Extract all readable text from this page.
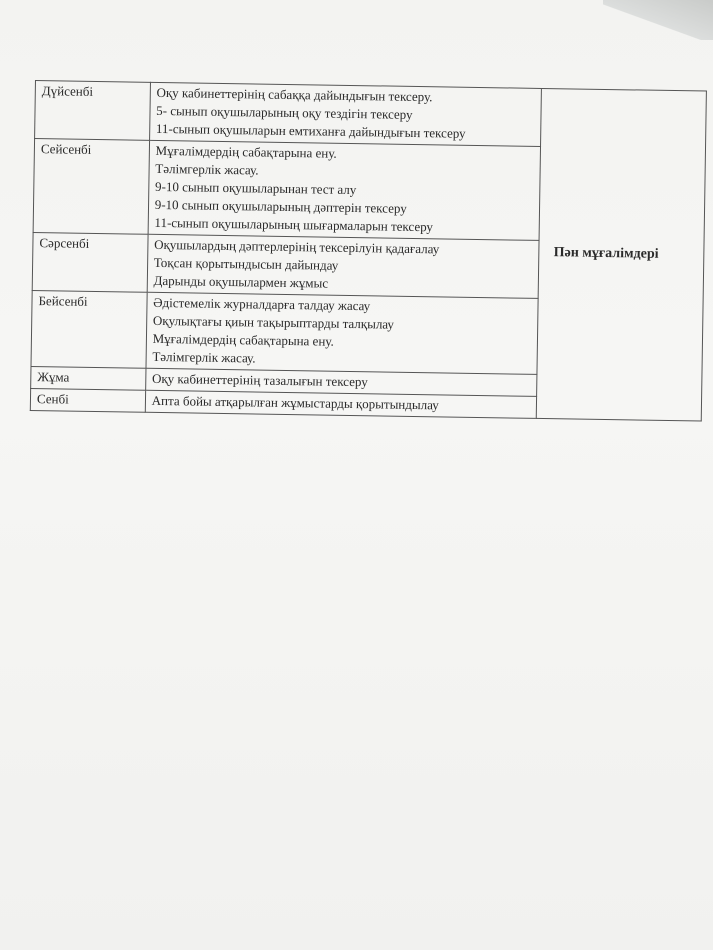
Дүйсенбі	Оқу кабинеттерінің сабаққа дайындығын тексеру.
5- сынып оқушыларының оқу тездігін тексеру
11-сынып оқушыларын емтиханға дайындығын тексеру	Пән мұғалімдері
Сейсенбі	Мұғалімдердің сабақтарына ену.
Тәлімгерлік жасау.
9-10 сынып оқушыларынан тест алу
9-10 сынып оқушыларының дәптерін тексеру
11-сынып оқушыларының шығармаларын тексеру	

Сәрсенбі	Оқушылардың дәптерлерінің тексерілуін қадағалау
Тоқсан қорытындысын дайындау
Дарынды оқушылармен жұмыс	

Бейсенбі	Әдістемелік журналдарға талдау жасау
Оқулықтағы қиын тақырыптарды талқылау
Мұғалімдердің сабақтарына ену.
Тәлімгерлік жасау.	

Жұма	Оқу кабинеттерінің тазалығын тексеру	

Сенбі	Апта бойы атқарылған жұмыстарды қорытындылау	
